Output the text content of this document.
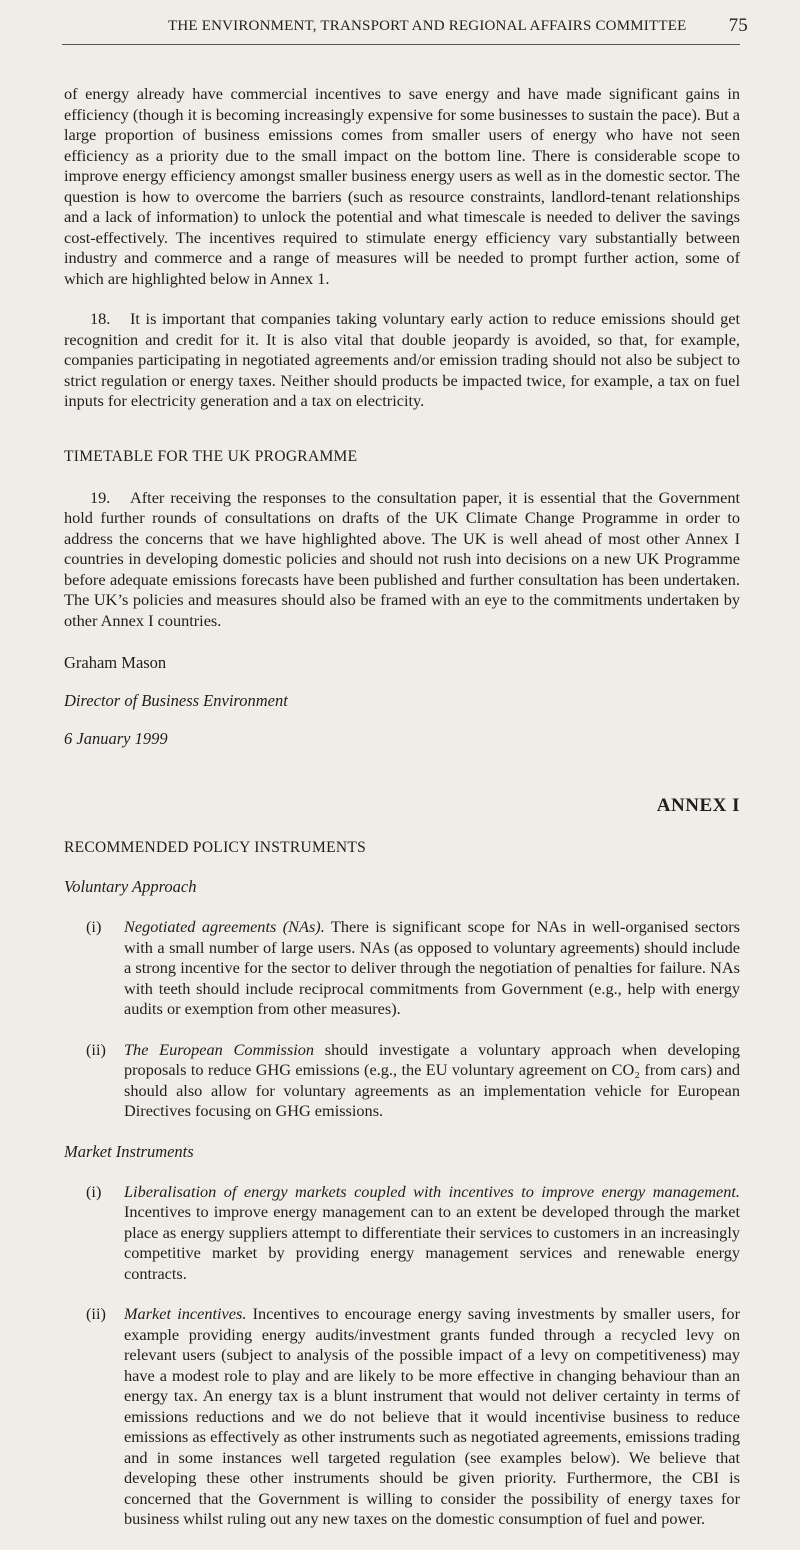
THE ENVIRONMENT, TRANSPORT AND REGIONAL AFFAIRS COMMITTEE 75

of energy already have commercial incentives to save energy and have made significant gains in efficiency (though it is becoming increasingly expensive for some businesses to sustain the pace). But a large proportion of business emissions comes from smaller users of energy who have not seen efficiency as a priority due to the small impact on the bottom line. There is considerable scope to improve energy efficiency amongst smaller business energy users as well as in the domestic sector. The question is how to overcome the barriers (such as resource constraints, landlord-tenant relationships and a lack of information) to unlock the potential and what timescale is needed to deliver the savings cost-effectively. The incentives required to stimulate energy efficiency vary substantially between industry and commerce and a range of measures will be needed to prompt further action, some of which are highlighted below in Annex 1.

18. It is important that companies taking voluntary early action to reduce emissions should get recognition and credit for it. It is also vital that double jeopardy is avoided, so that, for example, companies participating in negotiated agreements and/or emission trading should not also be subject to strict regulation or energy taxes. Neither should products be impacted twice, for example, a tax on fuel inputs for electricity generation and a tax on electricity.

TIMETABLE FOR THE UK PROGRAMME

19. After receiving the responses to the consultation paper, it is essential that the Government hold further rounds of consultations on drafts of the UK Climate Change Programme in order to address the concerns that we have highlighted above. The UK is well ahead of most other Annex I countries in developing domestic policies and should not rush into decisions on a new UK Programme before adequate emissions forecasts have been published and further consultation has been undertaken. The UK’s policies and measures should also be framed with an eye to the commitments undertaken by other Annex I countries.

Graham Mason
Director of Business Environment
6 January 1999
ANNEX I
RECOMMENDED POLICY INSTRUMENTS
Voluntary Approach
(i)	Negotiated agreements (NAs). There is significant scope for NAs in well-organised sectors with a small number of large users. NAs (as opposed to voluntary agreements) should include a strong incentive for the sector to deliver through the negotiation of penalties for failure. NAs with teeth should include reciprocal commitments from Government (e.g., help with energy audits or exemption from other measures).

(ii)	The European Commission should investigate a voluntary approach when developing proposals to reduce GHG emissions (e.g., the EU voluntary agreement on CO₂ from cars) and should also allow for voluntary agreements as an implementation vehicle for European Directives focusing on GHG emissions.

Market Instruments
(i)	Liberalisation of energy markets coupled with incentives to improve energy management. Incentives to improve energy management can to an extent be developed through the market place as energy suppliers attempt to differentiate their services to customers in an increasingly competitive market by providing energy management services and renewable energy contracts.

(ii)	Market incentives. Incentives to encourage energy saving investments by smaller users, for example providing energy audits/investment grants funded through a recycled levy on relevant users (subject to analysis of the possible impact of a levy on competitiveness) may have a modest role to play and are likely to be more effective in changing behaviour than an energy tax. An energy tax is a blunt instrument that would not deliver certainty in terms of emissions reductions and we do not believe that it would incentivise business to reduce emissions as effectively as other instruments such as negotiated agreements, emissions trading and in some instances well targeted regulation (see examples below). We believe that developing these other instruments should be given priority. Furthermore, the CBI is concerned that the Government is willing to consider the possibility of energy taxes for business whilst ruling out any new taxes on the domestic consumption of fuel and power.
